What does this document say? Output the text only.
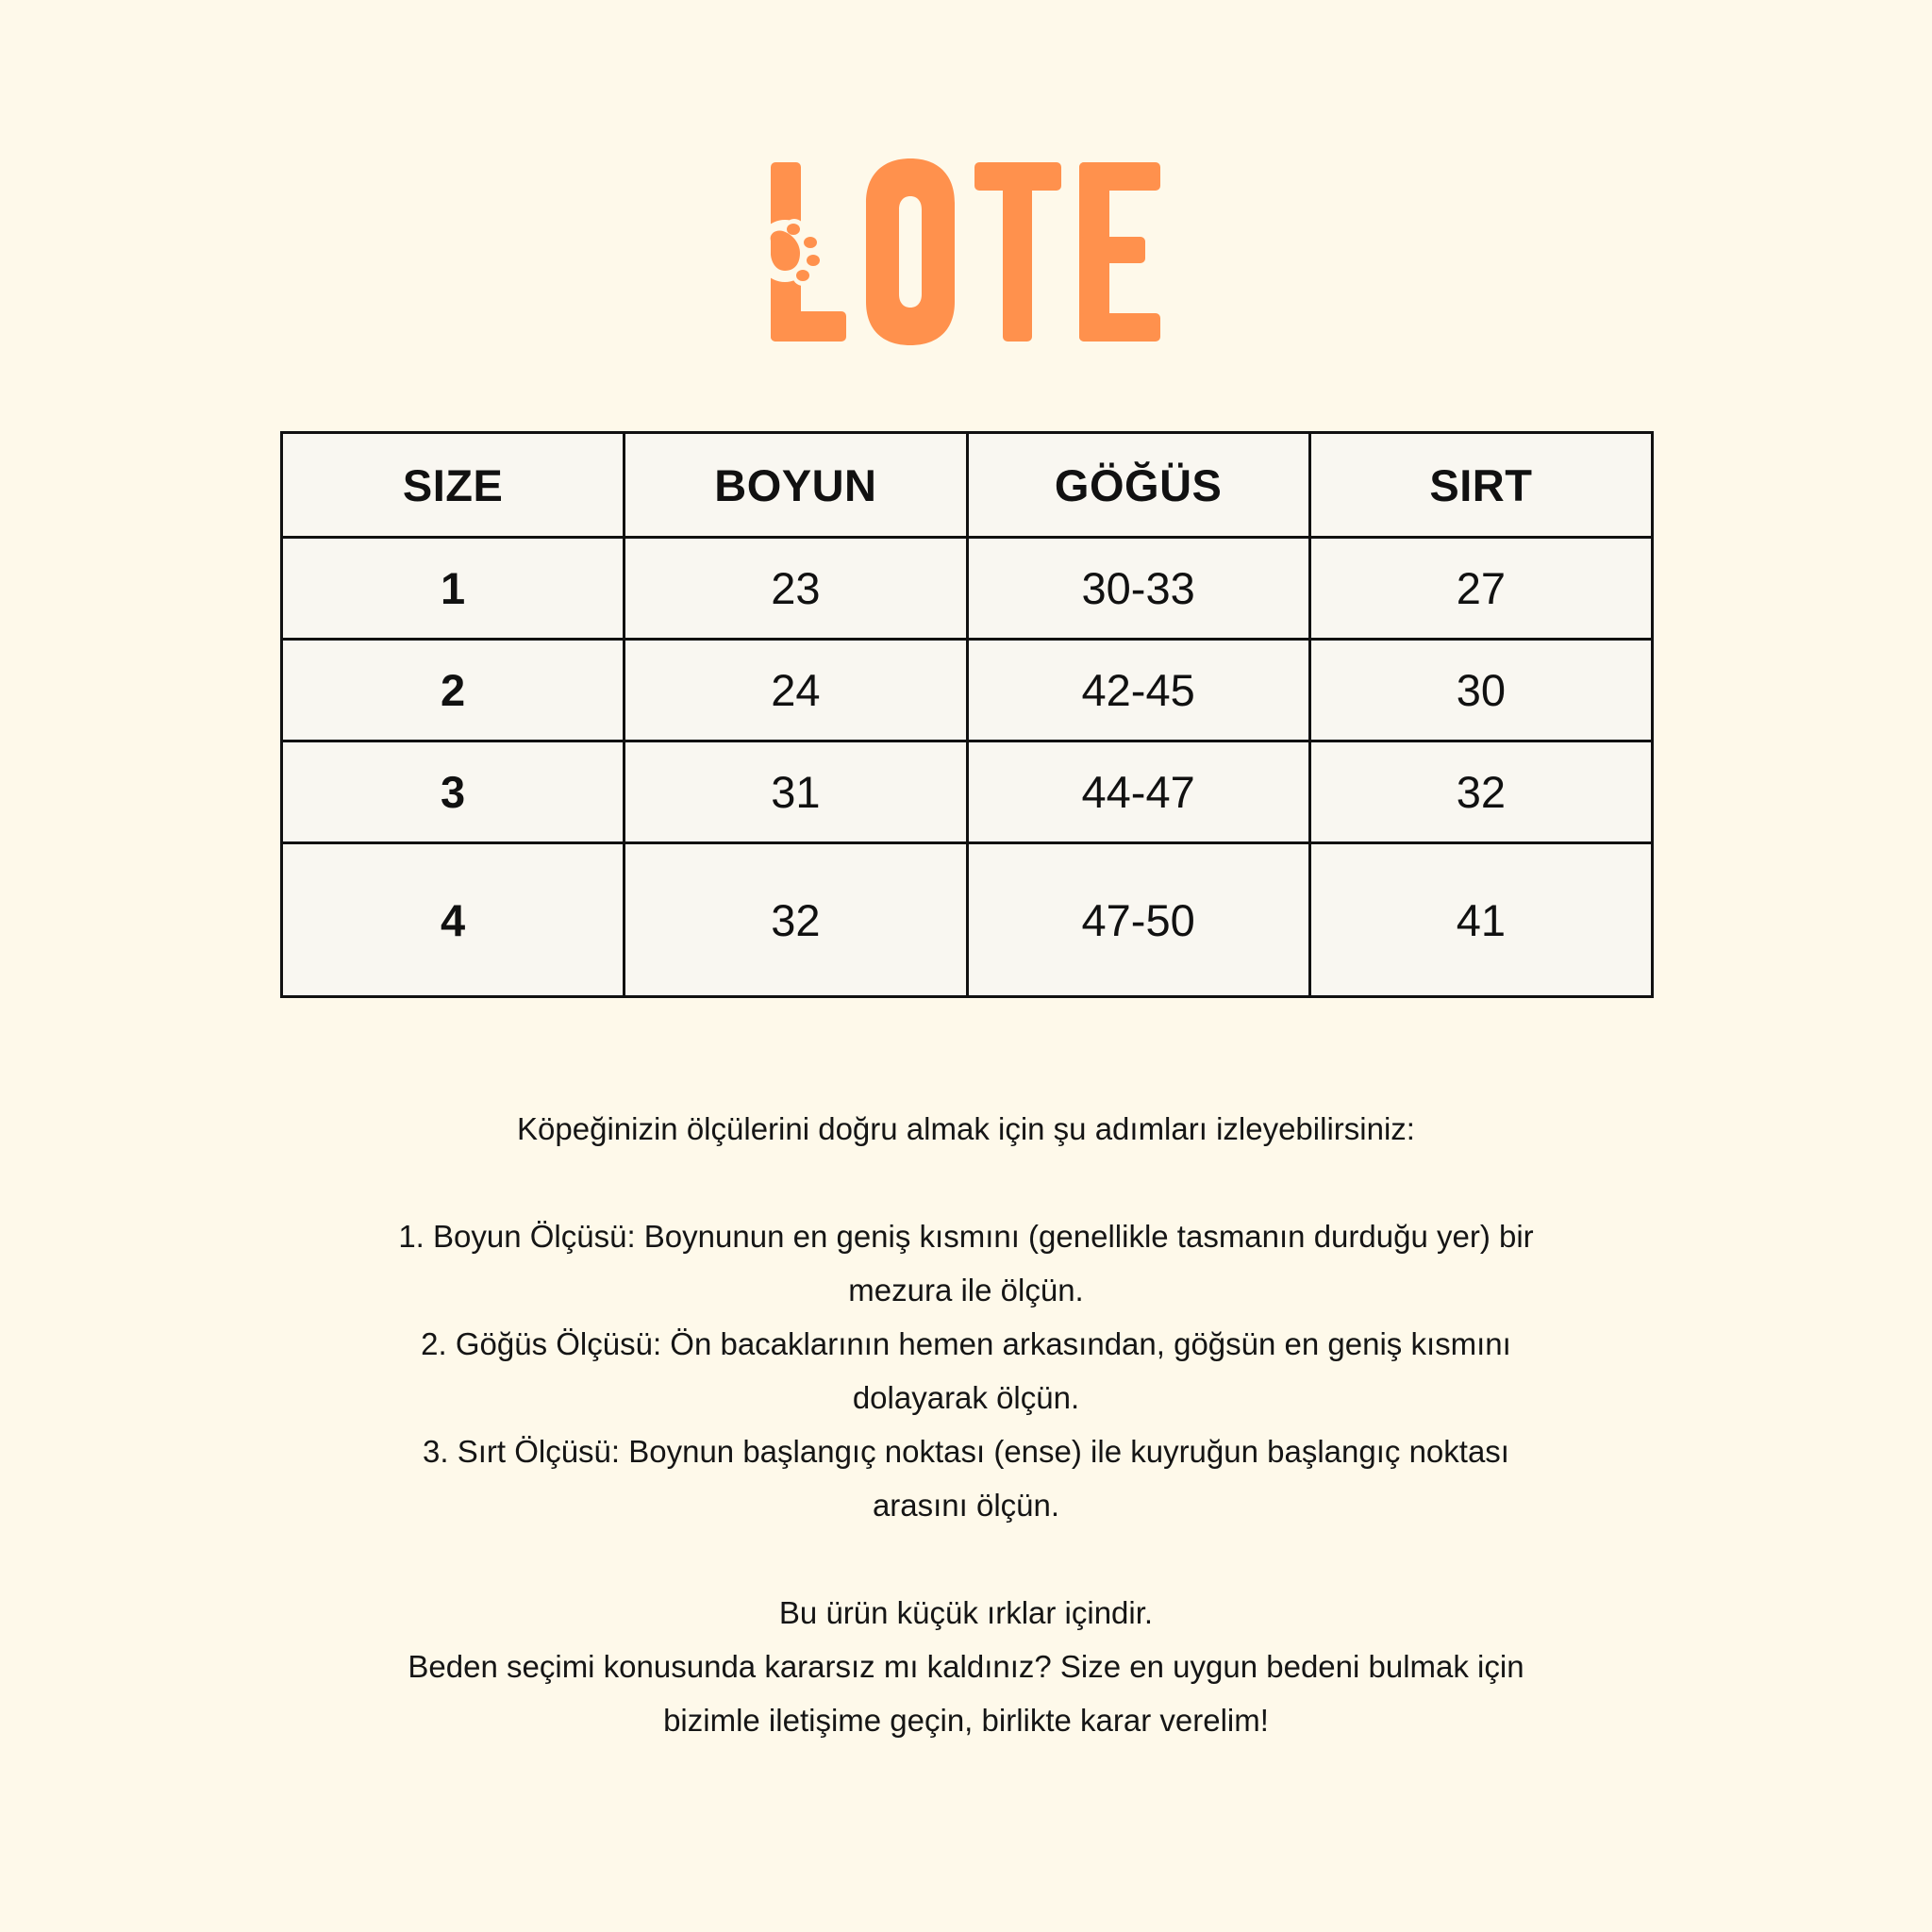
SIZE	BOYUN	GÖĞÜS	SIRT
1	23	30-33	27
2	24	42-45	30
3	31	44-47	32
4	32	47-50	41

Köpeğinizin ölçülerini doğru almak için şu adımları izleyebilirsiniz:

1. Boyun Ölçüsü: Boynunun en geniş kısmını (genellikle tasmanın durduğu yer) bir

mezura ile ölçün.

2. Göğüs Ölçüsü: Ön bacaklarının hemen arkasından, göğsün en geniş kısmını

dolayarak ölçün.

3. Sırt Ölçüsü: Boynun başlangıç noktası (ense) ile kuyruğun başlangıç noktası

arasını ölçün.

Bu ürün küçük ırklar içindir.

Beden seçimi konusunda kararsız mı kaldınız? Size en uygun bedeni bulmak için

bizimle iletişime geçin, birlikte karar verelim!
